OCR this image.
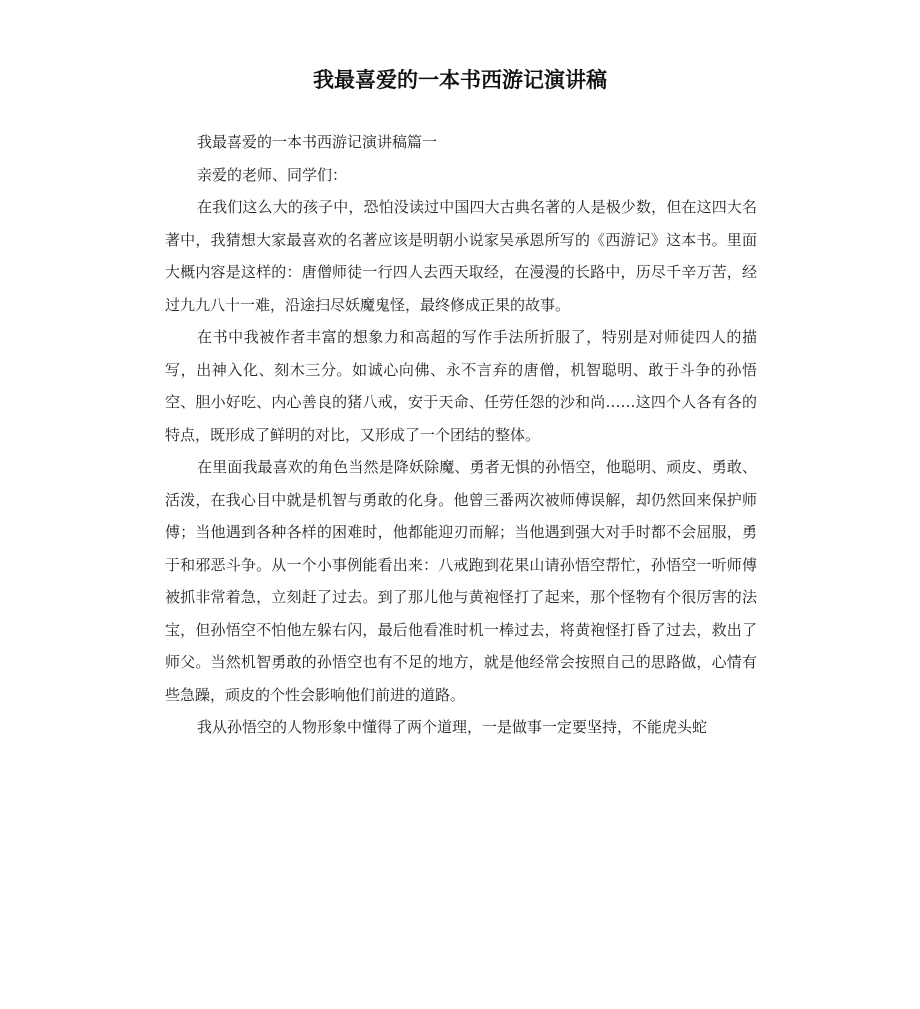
我最喜爱的一本书西游记演讲稿

我最喜爱的一本书西游记演讲稿篇一

亲爱的老师、同学们：

在我们这么大的孩子中，恐怕没读过中国四大古典名著的人是极少数，但在这四大名著中，我猜想大家最喜欢的名著应该是明朝小说家吴承恩所写的《西游记》这本书。里面大概内容是这样的：唐僧师徒一行四人去西天取经，在漫漫的长路中，历尽千辛万苦，经过九九八十一难，沿途扫尽妖魔鬼怪，最终修成正果的故事。

在书中我被作者丰富的想象力和高超的写作手法所折服了，特别是对师徒四人的描写，出神入化、刻木三分。如诚心向佛、永不言弃的唐僧，机智聪明、敢于斗争的孙悟空、胆小好吃、内心善良的猪八戒，安于天命、任劳任怨的沙和尚……这四个人各有各的特点，既形成了鲜明的对比，又形成了一个团结的整体。

在里面我最喜欢的角色当然是降妖除魔、勇者无惧的孙悟空，他聪明、顽皮、勇敢、活泼，在我心目中就是机智与勇敢的化身。他曾三番两次被师傅误解，却仍然回来保护师傅；当他遇到各种各样的困难时，他都能迎刃而解；当他遇到强大对手时都不会屈服，勇于和邪恶斗争。从一个小事例能看出来：八戒跑到花果山请孙悟空帮忙，孙悟空一听师傅被抓非常着急，立刻赶了过去。到了那儿他与黄袍怪打了起来，那个怪物有个很厉害的法宝，但孙悟空不怕他左躲右闪，最后他看准时机一棒过去，将黄袍怪打昏了过去，救出了师父。当然机智勇敢的孙悟空也有不足的地方，就是他经常会按照自己的思路做，心情有些急躁，顽皮的个性会影响他们前进的道路。

我从孙悟空的人物形象中懂得了两个道理，一是做事一定要坚持，不能虎头蛇
